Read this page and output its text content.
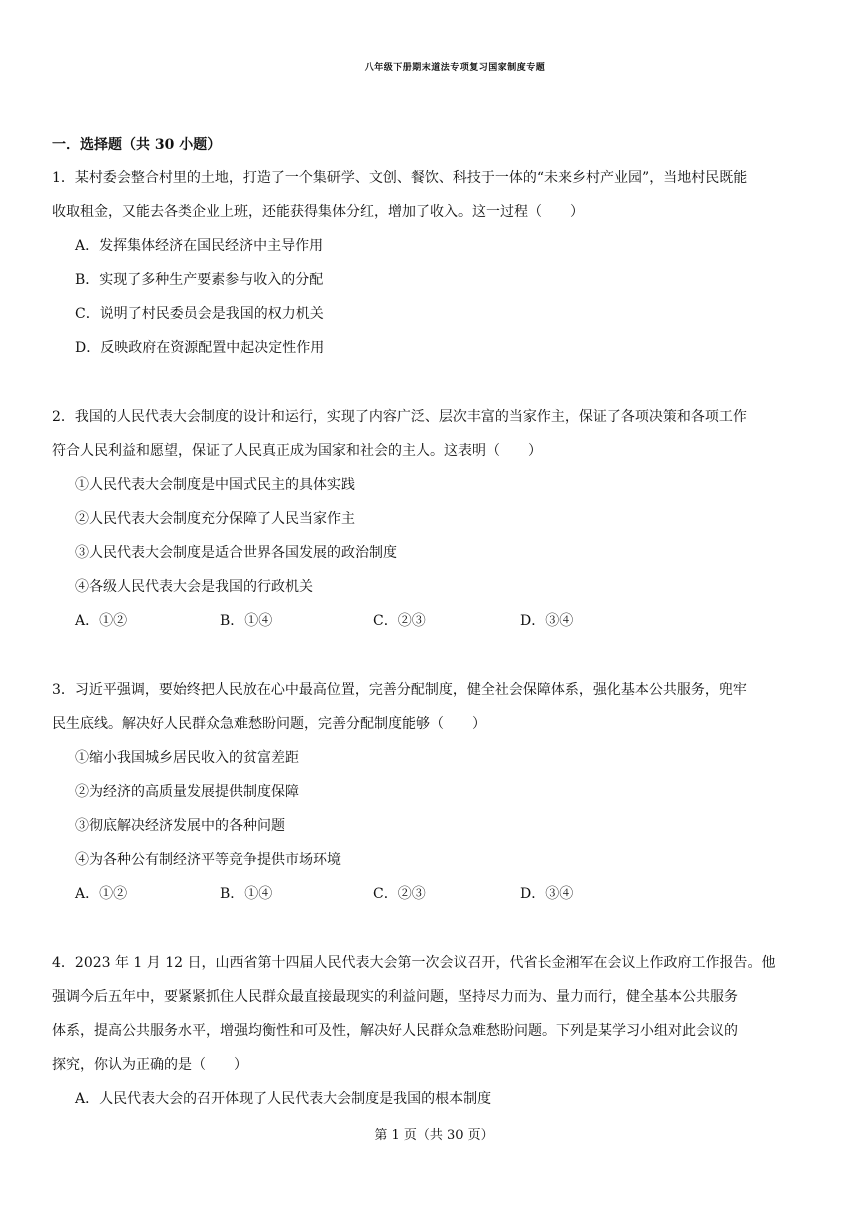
八年级下册期末道法专项复习国家制度专题
一．选择题（共 30 小题）
1．某村委会整合村里的土地，打造了一个集研学、文创、餐饮、科技于一体的“未来乡村产业园”，当地村民既能
收取租金，又能去各类企业上班，还能获得集体分红，增加了收入。这一过程（　　）
A．发挥集体经济在国民经济中主导作用
B．实现了多种生产要素参与收入的分配
C．说明了村民委员会是我国的权力机关
D．反映政府在资源配置中起决定性作用
2．我国的人民代表大会制度的设计和运行，实现了内容广泛、层次丰富的当家作主，保证了各项决策和各项工作
符合人民利益和愿望，保证了人民真正成为国家和社会的主人。这表明（　　）
①人民代表大会制度是中国式民主的具体实践
②人民代表大会制度充分保障了人民当家作主
③人民代表大会制度是适合世界各国发展的政治制度
④各级人民代表大会是我国的行政机关
A．①②	B．①④	C．②③	D．③④
3．习近平强调，要始终把人民放在心中最高位置，完善分配制度，健全社会保障体系，强化基本公共服务，兜牢
民生底线。解决好人民群众急难愁盼问题，完善分配制度能够（　　）
①缩小我国城乡居民收入的贫富差距
②为经济的高质量发展提供制度保障
③彻底解决经济发展中的各种问题
④为各种公有制经济平等竞争提供市场环境
A．①②	B．①④	C．②③	D．③④
4．2023 年 1 月 12 日，山西省第十四届人民代表大会第一次会议召开，代省长金湘军在会议上作政府工作报告。他
强调今后五年中，要紧紧抓住人民群众最直接最现实的利益问题，坚持尽力而为、量力而行，健全基本公共服务
体系，提高公共服务水平，增强均衡性和可及性，解决好人民群众急难愁盼问题。下列是某学习小组对此会议的
探究，你认为正确的是（　　）
A．人民代表大会的召开体现了人民代表大会制度是我国的根本制度
第 1 页（共 30 页）
